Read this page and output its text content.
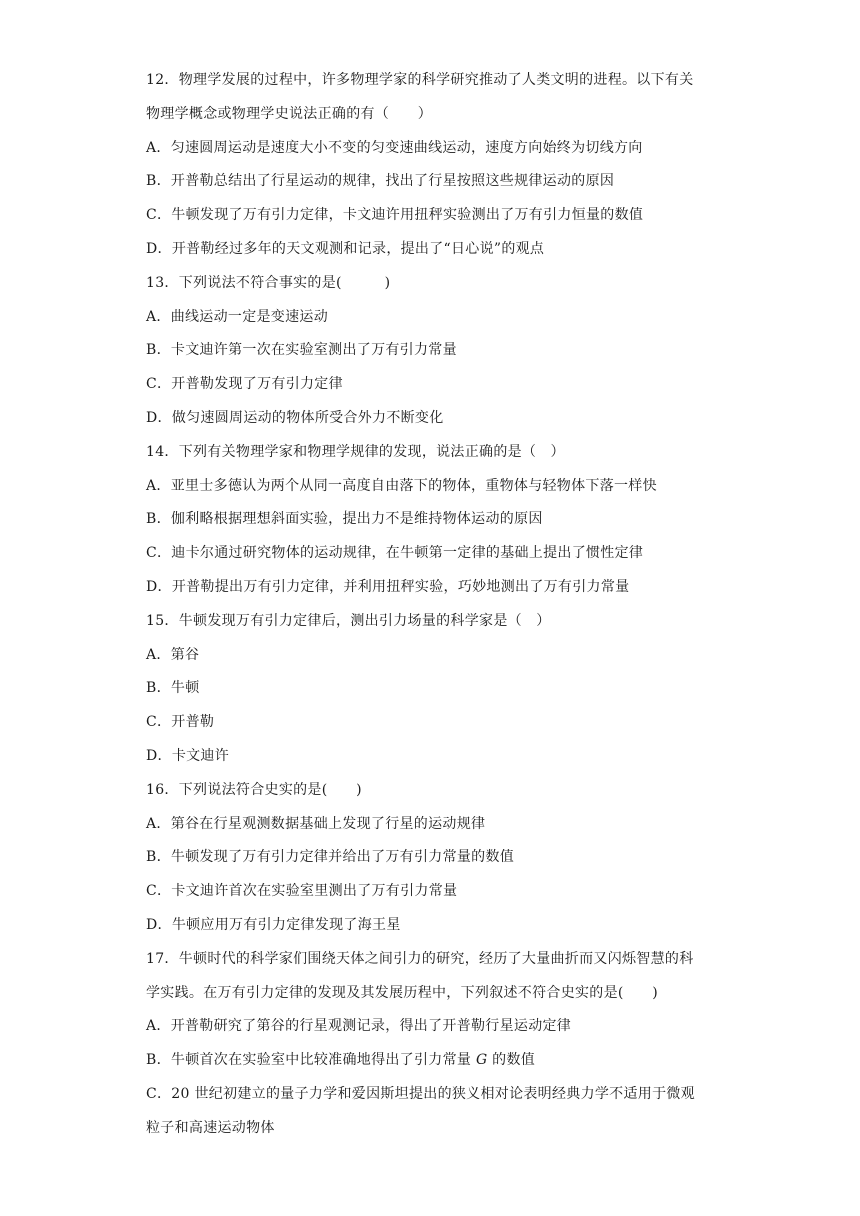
12．物理学发展的过程中，许多物理学家的科学研究推动了人类文明的进程。以下有关
物理学概念或物理学史说法正确的有（　　）
A．匀速圆周运动是速度大小不变的匀变速曲线运动，速度方向始终为切线方向
B．开普勒总结出了行星运动的规律，找出了行星按照这些规律运动的原因
C．牛顿发现了万有引力定律，卡文迪许用扭秤实验测出了万有引力恒量的数值
D．开普勒经过多年的天文观测和记录，提出了“日心说”的观点
13．下列说法不符合事实的是(　　　)
A．曲线运动一定是变速运动
B．卡文迪许第一次在实验室测出了万有引力常量
C．开普勒发现了万有引力定律
D．做匀速圆周运动的物体所受合外力不断变化
14．下列有关物理学家和物理学规律的发现，说法正确的是（　）
A．亚里士多德认为两个从同一高度自由落下的物体，重物体与轻物体下落一样快
B．伽利略根据理想斜面实验，提出力不是维持物体运动的原因
C．迪卡尔通过研究物体的运动规律，在牛顿第一定律的基础上提出了惯性定律
D．开普勒提出万有引力定律，并利用扭秤实验，巧妙地测出了万有引力常量
15．牛顿发现万有引力定律后，测出引力场量的科学家是（　）
A．第谷
B．牛顿
C．开普勒
D．卡文迪许
16．下列说法符合史实的是(　　)
A．第谷在行星观测数据基础上发现了行星的运动规律
B．牛顿发现了万有引力定律并给出了万有引力常量的数值
C．卡文迪许首次在实验室里测出了万有引力常量
D．牛顿应用万有引力定律发现了海王星
17．牛顿时代的科学家们围绕天体之间引力的研究，经历了大量曲折而又闪烁智慧的科
学实践。在万有引力定律的发现及其发展历程中，下列叙述不符合史实的是(　　)
A．开普勒研究了第谷的行星观测记录，得出了开普勒行星运动定律
B．牛顿首次在实验室中比较准确地得出了引力常量 G 的数值
C．20 世纪初建立的量子力学和爱因斯坦提出的狭义相对论表明经典力学不适用于微观
粒子和高速运动物体
